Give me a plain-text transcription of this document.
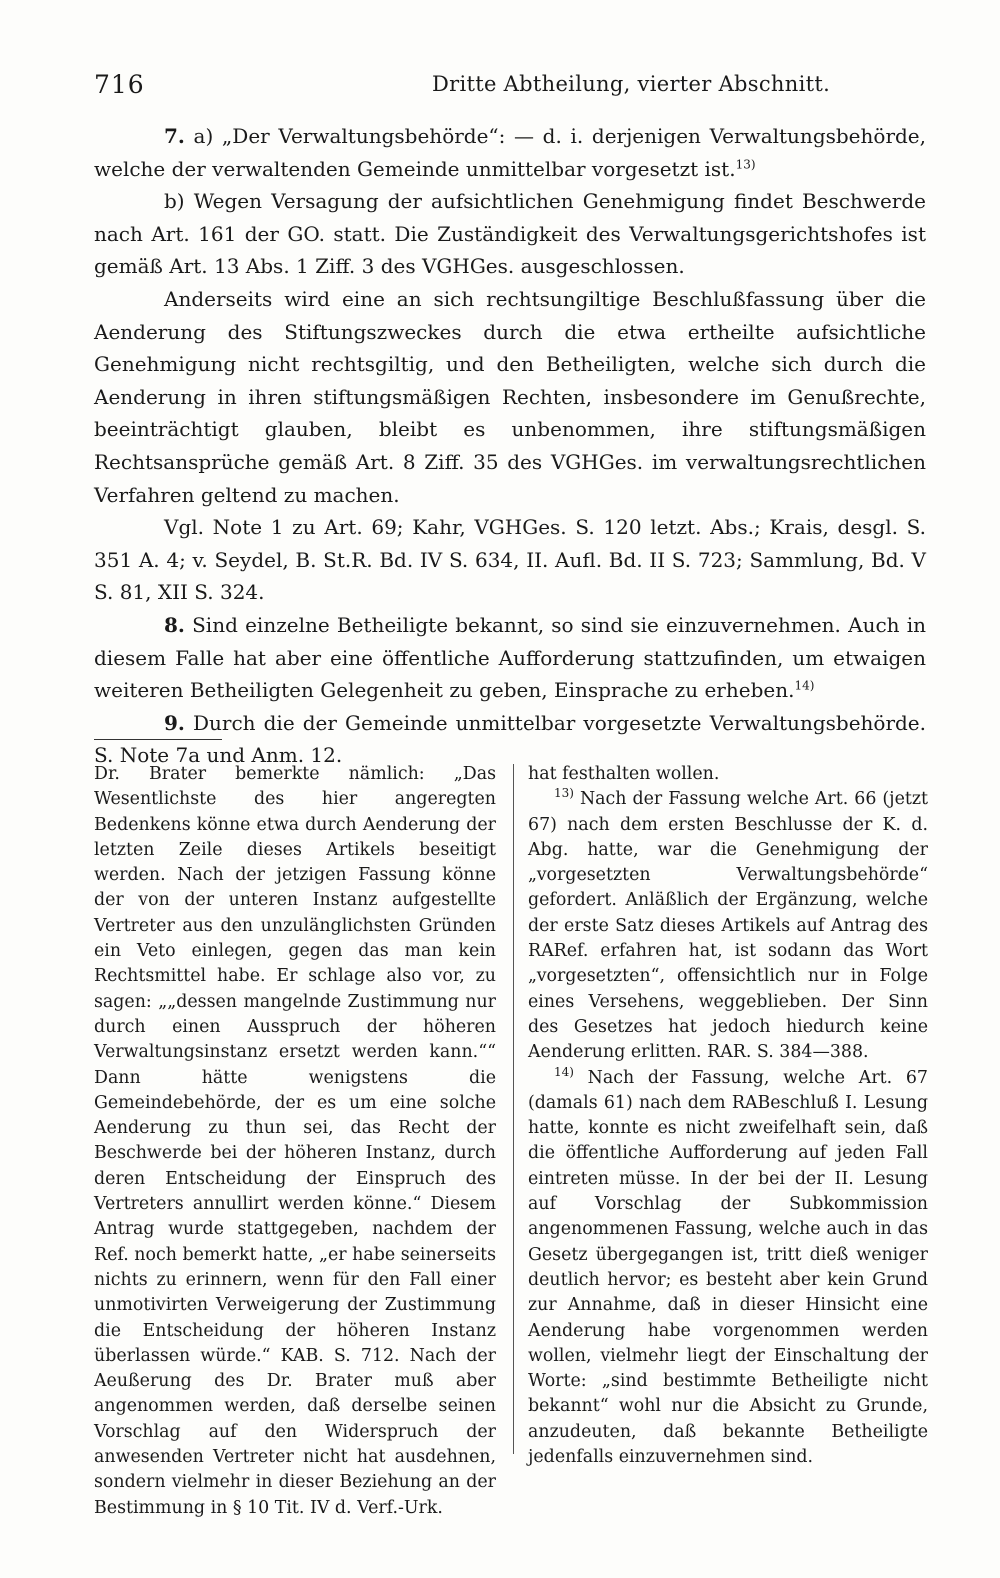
716	Dritte Abtheilung, vierter Abschnitt.

7. a) „Der Verwaltungsbehörde“: — d. i. derjenigen Verwaltungsbehörde, welche der verwaltenden Gemeinde unmittelbar vorgesetzt ist.$^{13)}$

b) Wegen Versagung der aufsichtlichen Genehmigung findet Beschwerde nach Art. 161 der GO. statt. Die Zuständigkeit des Verwaltungsgerichtshofes ist gemäß Art. 13 Abs. 1 Ziff. 3 des VGHGes. ausgeschlossen.

Anderseits wird eine an sich rechtsungiltige Beschlußfassung über die Aenderung des Stiftungszweckes durch die etwa ertheilte aufsichtliche Genehmigung nicht rechtsgiltig, und den Betheiligten, welche sich durch die Aenderung in ihren stiftungsmäßigen Rechten, insbesondere im Genußrechte, beeinträchtigt glauben, bleibt es unbenommen, ihre stiftungsmäßigen Rechtsansprüche gemäß Art. 8 Ziff. 35 des VGHGes. im verwaltungsrechtlichen Verfahren geltend zu machen.

Vgl. Note 1 zu Art. 69; Kahr, VGHGes. S. 120 letzt. Abs.; Krais, desgl. S. 351 A. 4; v. Seydel, B. St.R. Bd. IV S. 634, II. Aufl. Bd. II S. 723; Sammlung, Bd. V S. 81, XII S. 324.

8. Sind einzelne Betheiligte bekannt, so sind sie einzuvernehmen. Auch in diesem Falle hat aber eine öffentliche Aufforderung stattzufinden, um etwaigen weiteren Betheiligten Gelegenheit zu geben, Einsprache zu erheben.$^{14)}$

9. Durch die der Gemeinde unmittelbar vorgesetzte Verwaltungsbehörde. S. Note 7a und Anm. 12.

Dr. Brater bemerkte nämlich: „Das Wesentlichste des hier angeregten Bedenkens könne etwa durch Aenderung der letzten Zeile dieses Artikels beseitigt werden. Nach der jetzigen Fassung könne der von der unteren Instanz aufgestellte Vertreter aus den unzulänglichsten Gründen ein Veto einlegen, gegen das man kein Rechtsmittel habe. Er schlage also vor, zu sagen: „„dessen mangelnde Zustimmung nur durch einen Ausspruch der höheren Verwaltungsinstanz ersetzt werden kann.““ Dann hätte wenigstens die Gemeindebehörde, der es um eine solche Aenderung zu thun sei, das Recht der Beschwerde bei der höheren Instanz, durch deren Entscheidung der Einspruch des Vertreters annullirt werden könne.“ Diesem Antrag wurde stattgegeben, nachdem der Ref. noch bemerkt hatte, „er habe seinerseits nichts zu erinnern, wenn für den Fall einer unmotivirten Verweigerung der Zustimmung die Entscheidung der höheren Instanz überlassen würde.“ KAB. S. 712. Nach der Aeußerung des Dr. Brater muß aber angenommen werden, daß derselbe seinen Vorschlag auf den Widerspruch der anwesenden Vertreter nicht hat ausdehnen, sondern vielmehr in dieser Beziehung an der Bestimmung in § 10 Tit. IV d. Verf.-Urk.

hat festhalten wollen.

$^{13)}$ Nach der Fassung welche Art. 66 (jetzt 67) nach dem ersten Beschlusse der K. d. Abg. hatte, war die Genehmigung der „vorgesetzten Verwaltungsbehörde“ gefordert. Anläßlich der Ergänzung, welche der erste Satz dieses Artikels auf Antrag des RARef. erfahren hat, ist sodann das Wort „vorgesetzten“, offensichtlich nur in Folge eines Versehens, weggeblieben. Der Sinn des Gesetzes hat jedoch hiedurch keine Aenderung erlitten. RAR. S. 384—388.

$^{14)}$ Nach der Fassung, welche Art. 67 (damals 61) nach dem RABeschluß I. Lesung hatte, konnte es nicht zweifelhaft sein, daß die öffentliche Aufforderung auf jeden Fall eintreten müsse. In der bei der II. Lesung auf Vorschlag der Subkommission angenommenen Fassung, welche auch in das Gesetz übergegangen ist, tritt dieß weniger deutlich hervor; es besteht aber kein Grund zur Annahme, daß in dieser Hinsicht eine Aenderung habe vorgenommen werden wollen, vielmehr liegt der Einschaltung der Worte: „sind bestimmte Betheiligte nicht bekannt“ wohl nur die Absicht zu Grunde, anzudeuten, daß bekannte Betheiligte jedenfalls einzuvernehmen sind.
